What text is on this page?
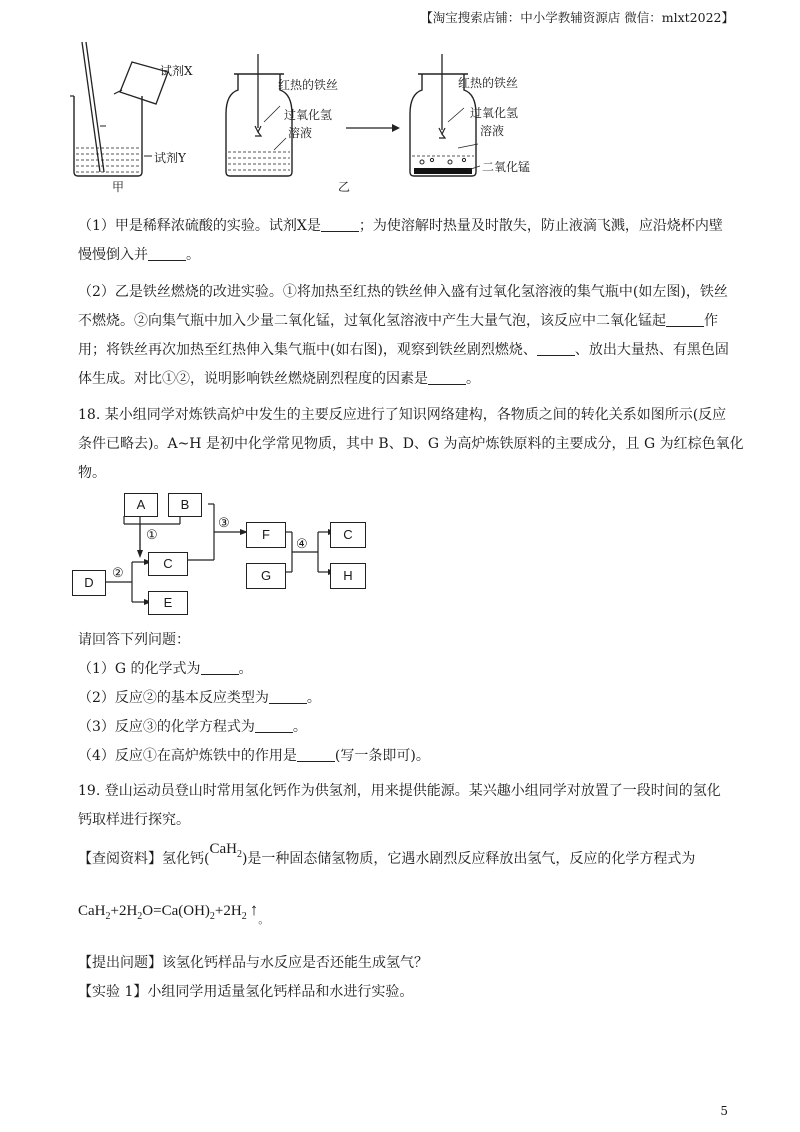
【淘宝搜索店铺：中小学教辅资源店 微信：mlxt2022】
试剂X
试剂Y
甲
红热的铁丝
过氧化氢
溶液
红热的铁丝
过氧化氢
溶液
二氧化锰
乙
（1）甲是稀释浓硫酸的实验。试剂Ⅹ是	；为使溶解时热量及时散失，防止液滴飞溅，应沿烧杯内壁
慢慢倒入并	。
（2）乙是铁丝燃烧的改进实验。①将加热至红热的铁丝伸入盛有过氧化氢溶液的集气瓶中(如左图)，铁丝
不燃烧。②向集气瓶中加入少量二氧化锰，过氧化氢溶液中产生大量气泡，该反应中二氧化锰起	作
用；将铁丝再次加热至红热伸入集气瓶中(如右图)，观察到铁丝剧烈燃烧、	、放出大量热、有黑色固
体生成。对比①②，说明影响铁丝燃烧剧烈程度的因素是	。
18. 某小组同学对炼铁高炉中发生的主要反应进行了知识网络建构，各物质之间的转化关系如图所示(反应
条件已略去)。A~H 是初中化学常见物质，其中 B、D、G 为高炉炼铁原料的主要成分，且 G 为红棕色氧化
物。
A	B
C
D
E
F
G
C
H
①
②
③
④
请回答下列问题：
（1）G 的化学式为	。
（2）反应②的基本反应类型为	。
（3）反应③的化学方程式为	。
（4）反应①在高炉炼铁中的作用是	(写一条即可)。
19. 登山运动员登山时常用氢化钙作为供氢剂，用来提供能源。某兴趣小组同学对放置了一段时间的氢化
钙取样进行探究。
【查阅资料】氢化钙(CaH$_2$)是一种固态储氢物质，它遇水剧烈反应释放出氢气，反应的化学方程式为
$CaH_2+2H_2O=Ca(OH)_2+2H_2$ $↑_。$
【提出问题】该氢化钙样品与水反应是否还能生成氢气？
【实验 1】小组同学用适量氢化钙样品和水进行实验。
5
